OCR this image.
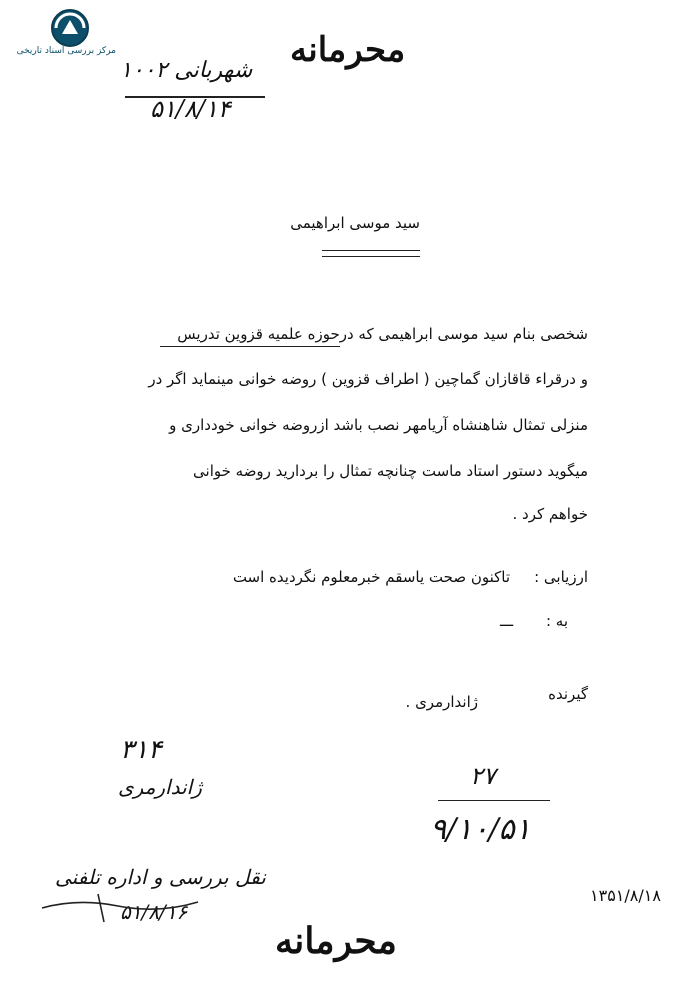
مرکز بررسی اسناد تاریخی	محرمانه
شهربانی ۱۰۰۲
۵۱/۸/۱۴
سید موسی ابراهیمی
شخصی بنام سید موسی ابراهیمی که درحوزه علمیه قزوین تدریس
و درقراء قاقازان گماچین ( اطراف قزوین ) روضه خوانی مینماید اگر در
منزلی تمثال شاهنشاه آریامهر نصب باشد ازروضه خوانی خودداری و
میگوید دستور استاد ماست چنانچه تمثال را برداريد روضه خوانی
خواهم کرد .
ارزیابی :
تاکنون صحت یاسقم خبرمعلوم نگردیده است
به :
ـــ
گیرنده
ژاندارمری .
۳۱۴
ژاندارمری	۲۷
۹/۱۰/۵۱
نقل بررسی و اداره تلفنی
۵۱/۸/۱۶
۱۳۵۱/۸/۱۸
محرمانه
